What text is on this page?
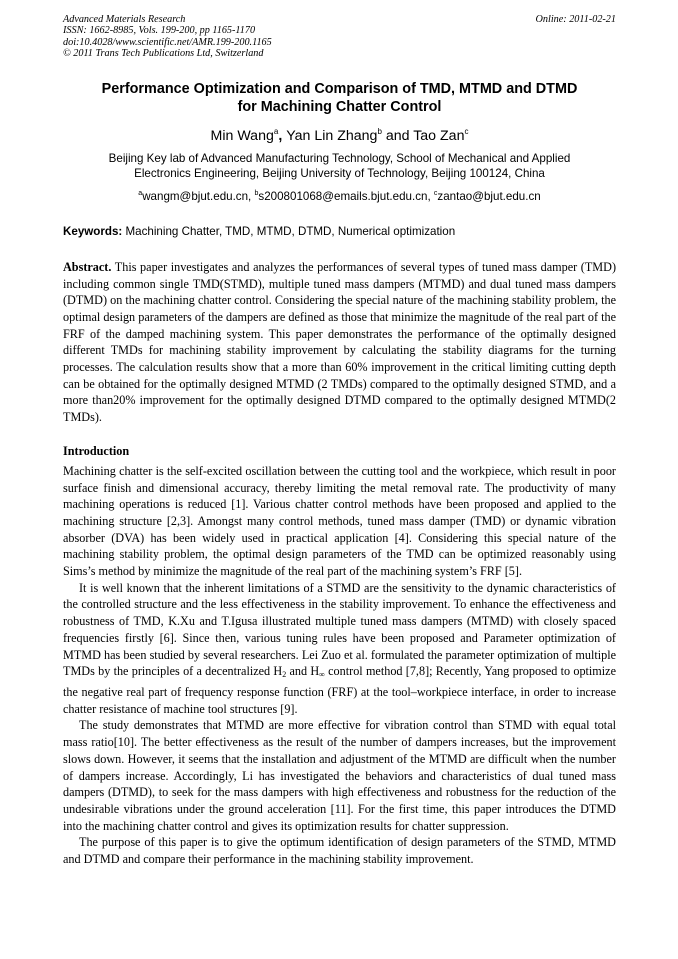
Advanced Materials Research
ISSN: 1662-8985, Vols. 199-200, pp 1165-1170
doi:10.4028/www.scientific.net/AMR.199-200.1165
© 2011 Trans Tech Publications Ltd, Switzerland
Online: 2011-02-21
Performance Optimization and Comparison of TMD, MTMD and DTMD
for Machining Chatter Control
Min Wang$^a$, Yan Lin Zhang$^b$ and Tao Zan$^c$
Beijing Key lab of Advanced Manufacturing Technology, School of Mechanical and Applied
Electronics Engineering, Beijing University of Technology, Beijing 100124, China
$^a$wangm@bjut.edu.cn, $^b$s200801068@emails.bjut.edu.cn, $^c$zantao@bjut.edu.cn
Keywords: Machining Chatter, TMD, MTMD, DTMD, Numerical optimization

Abstract. This paper investigates and analyzes the performances of several types of tuned mass damper (TMD) including common single TMD(STMD), multiple tuned mass dampers (MTMD) and dual tuned mass dampers (DTMD) on the machining chatter control. Considering the special nature of the machining stability problem, the optimal design parameters of the dampers are defined as those that minimize the magnitude of the real part of the FRF of the damped machining system. This paper demonstrates the performance of the optimally designed different TMDs for machining stability improvement by calculating the stability diagrams for the turning processes. The calculation results show that a more than 60% improvement in the critical limiting cutting depth can be obtained for the optimally designed MTMD (2 TMDs) compared to the optimally designed STMD, and a more than20% improvement for the optimally designed DTMD compared to the optimally designed MTMD(2 TMDs).

Introduction

Machining chatter is the self-excited oscillation between the cutting tool and the workpiece, which result in poor surface finish and dimensional accuracy, thereby limiting the metal removal rate. The productivity of many machining operations is reduced [1]. Various chatter control methods have been proposed and applied to the machining structure [2,3]. Amongst many control methods, tuned mass damper (TMD) or dynamic vibration absorber (DVA) has been widely used in practical application [4]. Considering this special nature of the machining stability problem, the optimal design parameters of the TMD can be optimized reasonably using Sims’s method by minimize the magnitude of the real part of the machining system’s FRF [5].

It is well known that the inherent limitations of a STMD are the sensitivity to the dynamic characteristics of the controlled structure and the less effectiveness in the stability improvement. To enhance the effectiveness and robustness of TMD, K.Xu and T.Igusa illustrated multiple tuned mass dampers (MTMD) with closely spaced frequencies firstly [6]. Since then, various tuning rules have been proposed and Parameter optimization of MTMD has been studied by several researchers. Lei Zuo et al. formulated the parameter optimization of multiple TMDs by the principles of a decentralized $H_2$ and $H_\infty$ control method [7,8]; Recently, Yang proposed to optimize the negative real part of frequency response function (FRF) at the tool–workpiece interface, in order to increase chatter resistance of machine tool structures [9].

The study demonstrates that MTMD are more effective for vibration control than STMD with equal total mass ratio[10]. The better effectiveness as the result of the number of dampers increases, but the improvement slows down. However, it seems that the installation and adjustment of the MTMD are difficult when the number of dampers increase. Accordingly, Li has investigated the behaviors and characteristics of dual tuned mass dampers (DTMD), to seek for the mass dampers with high effectiveness and robustness for the reduction of the undesirable vibrations under the ground acceleration [11]. For the first time, this paper introduces the DTMD into the machining chatter control and gives its optimization results for chatter suppression.

The purpose of this paper is to give the optimum identification of design parameters of the STMD, MTMD and DTMD and compare their performance in the machining stability improvement.
